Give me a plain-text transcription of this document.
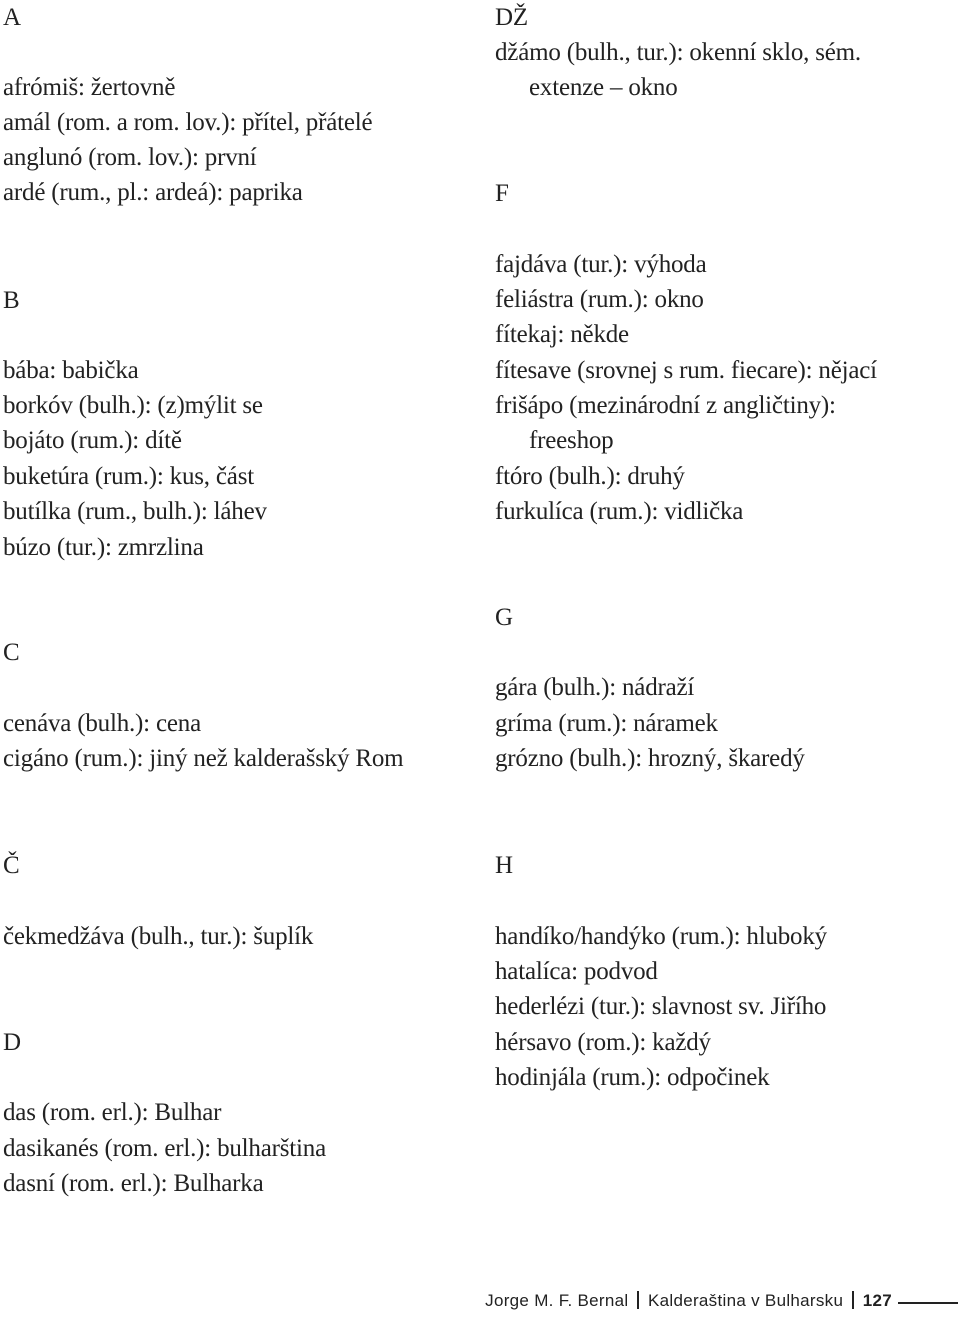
A
afrómiš: žertovně
amál (rom. a rom. lov.): přítel, přátelé
anglunó (rom. lov.): první
ardé (rum., pl.: ardeá): paprika
B
bába: babička
borkóv (bulh.): (z)mýlit se
bojáto (rum.): dítě
buketúra (rum.): kus, část
butílka (rum., bulh.): láhev
búzo (tur.): zmrzlina
C
cenáva (bulh.): cena
cigáno (rum.): jiný než kalderašský Rom
Č
čekmedžáva (bulh., tur.): šuplík
D
das (rom. erl.): Bulhar
dasikanés (rom. erl.): bulharština
dasní (rom. erl.): Bulharka
DŽ
džámo (bulh., tur.): okenní sklo, sém.
extenze – okno
F
fajdáva (tur.): výhoda
feliástra (rum.): okno
fítekaj: někde
fítesave (srovnej s rum. fiecare): nějací
frišápo (mezinárodní z angličtiny):
freeshop
ftóro (bulh.): druhý
furkulíca (rum.): vidlička
G
gára (bulh.): nádraží
gríma (rum.): náramek
grózno (bulh.): hrozný, škaredý
H
handíko/handýko (rum.): hluboký
hatalíca: podvod
hederlézi (tur.): slavnost sv. Jiřího
hérsavo (rom.): každý
hodinjála (rum.): odpočinek
Jorge M. F. Bernal Kalderaština v Bulharsku 127
